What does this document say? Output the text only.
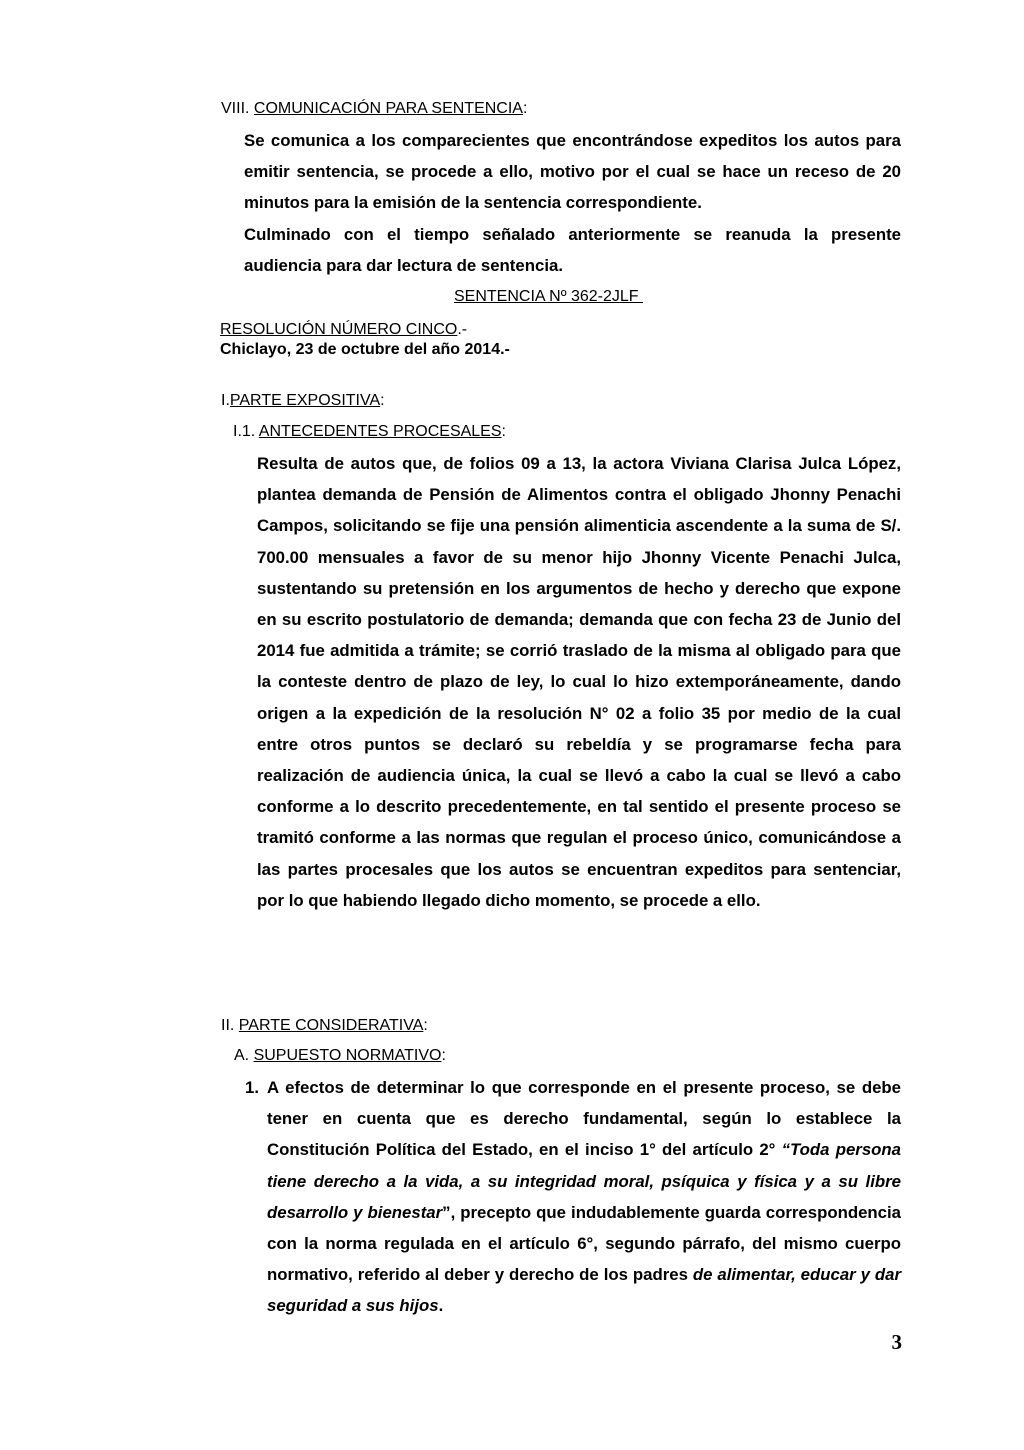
VIII. COMUNICACIÓN PARA SENTENCIA:
Se comunica a los comparecientes que encontrándose expeditos los autos para emitir sentencia, se procede a ello, motivo por el cual se hace un receso de 20 minutos para la emisión de la sentencia correspondiente.
Culminado con el tiempo señalado anteriormente se reanuda la presente audiencia para dar lectura de sentencia.
SENTENCIA Nº 362-2JLF
RESOLUCIÓN NÚMERO CINCO.-
Chiclayo, 23 de octubre del año 2014.-
I.PARTE EXPOSITIVA:
I.1. ANTECEDENTES PROCESALES:
Resulta de autos que, de folios 09 a 13, la actora Viviana Clarisa Julca López, plantea demanda de Pensión de Alimentos contra el obligado Jhonny Penachi Campos, solicitando se fije una pensión alimenticia ascendente a la suma de S/. 700.00 mensuales a favor de su menor hijo Jhonny Vicente Penachi Julca, sustentando su pretensión en los argumentos de hecho y derecho que expone en su escrito postulatorio de demanda; demanda que con fecha 23 de Junio del 2014 fue admitida a trámite; se corrió traslado de la misma al obligado para que la conteste dentro de plazo de ley, lo cual lo hizo extemporáneamente, dando origen a la expedición de la resolución N° 02 a folio 35 por medio de la cual entre otros puntos se declaró su rebeldía y se programarse fecha para realización de audiencia única, la cual se llevó a cabo la cual se llevó a cabo conforme a lo descrito precedentemente, en tal sentido el presente proceso se tramitó conforme a las normas que regulan el proceso único, comunicándose a las partes procesales que los autos se encuentran expeditos para sentenciar, por lo que habiendo llegado dicho momento, se procede a ello.
II. PARTE CONSIDERATIVA:
A. SUPUESTO NORMATIVO:
1. A efectos de determinar lo que corresponde en el presente proceso, se debe tener en cuenta que es derecho fundamental, según lo establece la Constitución Política del Estado, en el inciso 1° del artículo 2° “Toda persona tiene derecho a la vida, a su integridad moral, psíquica y física y a su libre desarrollo y bienestar”, precepto que indudablemente guarda correspondencia con la norma regulada en el artículo 6°, segundo párrafo, del mismo cuerpo normativo, referido al deber y derecho de los padres de alimentar, educar y dar seguridad a sus hijos.
3
